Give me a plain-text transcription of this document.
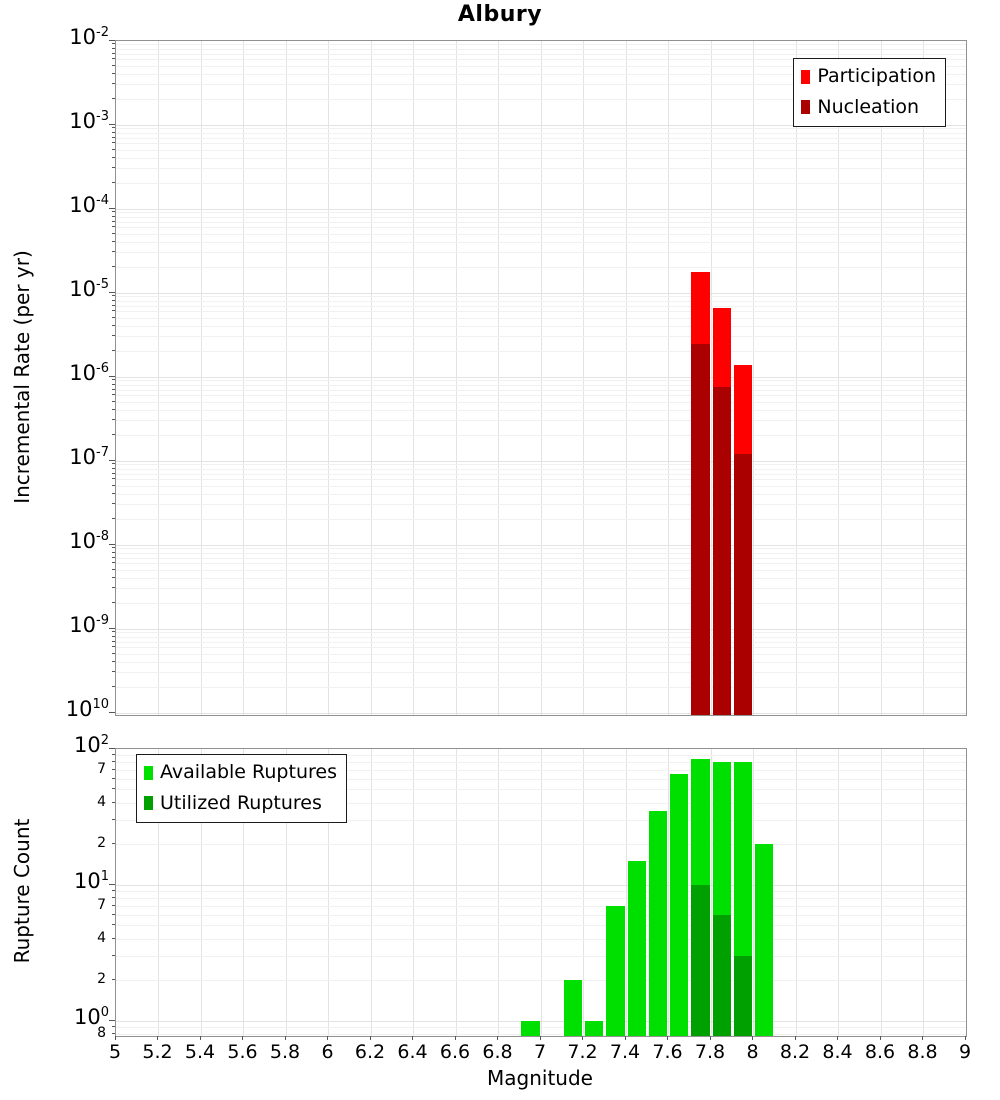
Albury
Participation
Nucleation
Available Ruptures
Utilized Ruptures
Incremental Rate (per yr)
Rupture Count
Magnitude
$10^{-2}$
$10^{-3}$
$10^{-4}$
$10^{-5}$
$10^{-6}$
$10^{-7}$
$10^{-8}$
$10^{-9}$
$10^{10}$
$10^2$
$10^1$
$10^0$
7
4
2
7
4
2
8
5	5.2 5.4 5.6 5.8	6	6.2 6.4 6.6 6.8	7	7.2 7.4 7.6 7.8	8	8.2 8.4 8.6 8.8	9
